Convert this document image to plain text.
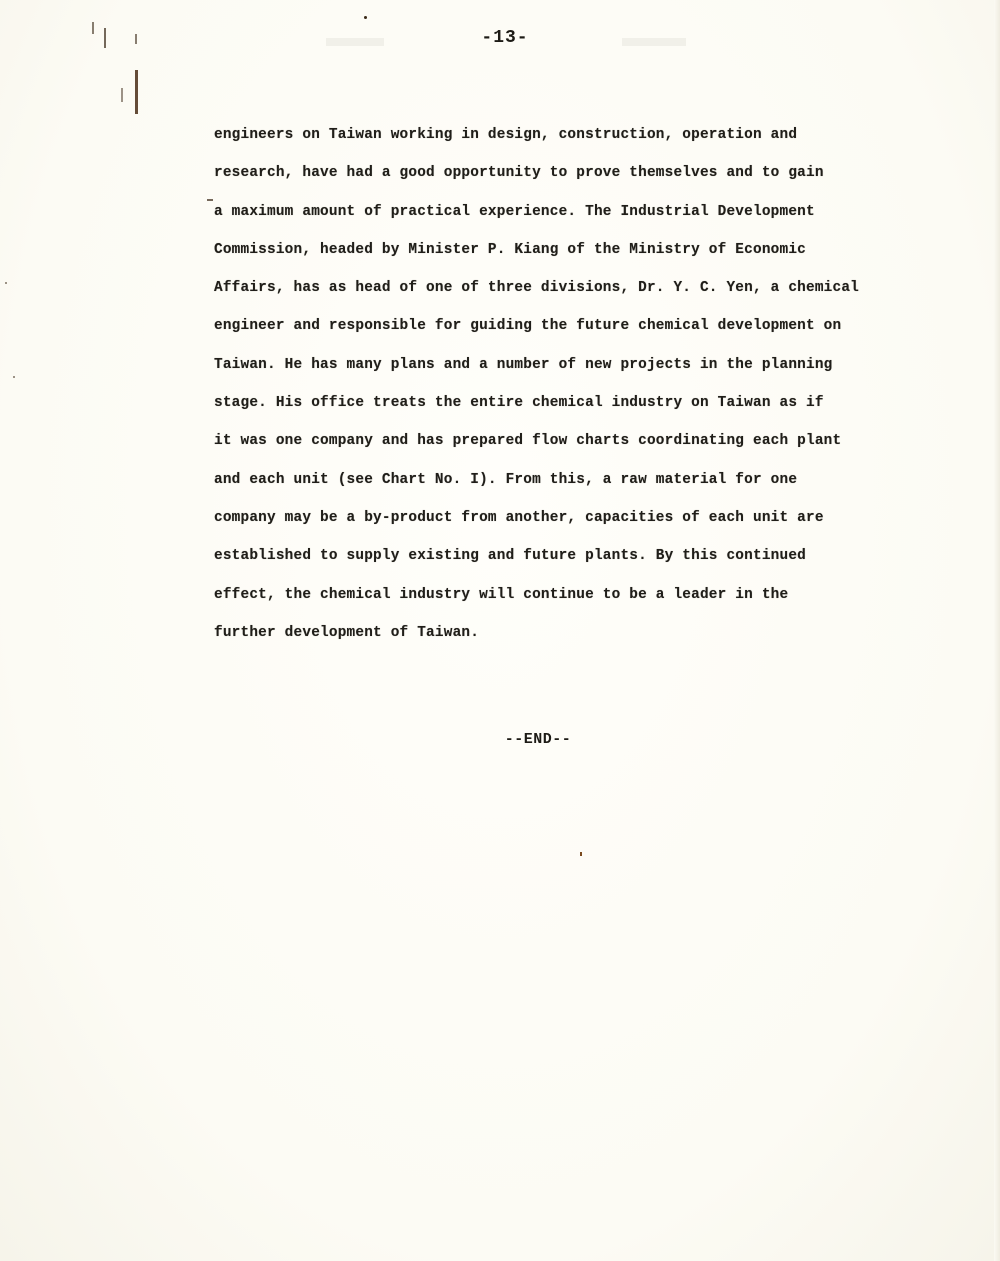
-13-
engineers on Taiwan working in design, construction, operation and
research, have had a good opportunity to prove themselves and to gain
a maximum amount of practical experience. The Industrial Development
Commission, headed by Minister P. Kiang of the Ministry of Economic
Affairs, has as head of one of three divisions, Dr. Y. C. Yen, a chemical
engineer and responsible for guiding the future chemical development on
Taiwan. He has many plans and a number of new projects in the planning
stage. His office treats the entire chemical industry on Taiwan as if
it was one company and has prepared flow charts coordinating each plant
and each unit (see Chart No. I). From this, a raw material for one
company may be a by-product from another, capacities of each unit are
established to supply existing and future plants. By this continued
effect, the chemical industry will continue to be a leader in the
further development of Taiwan.
--END--
